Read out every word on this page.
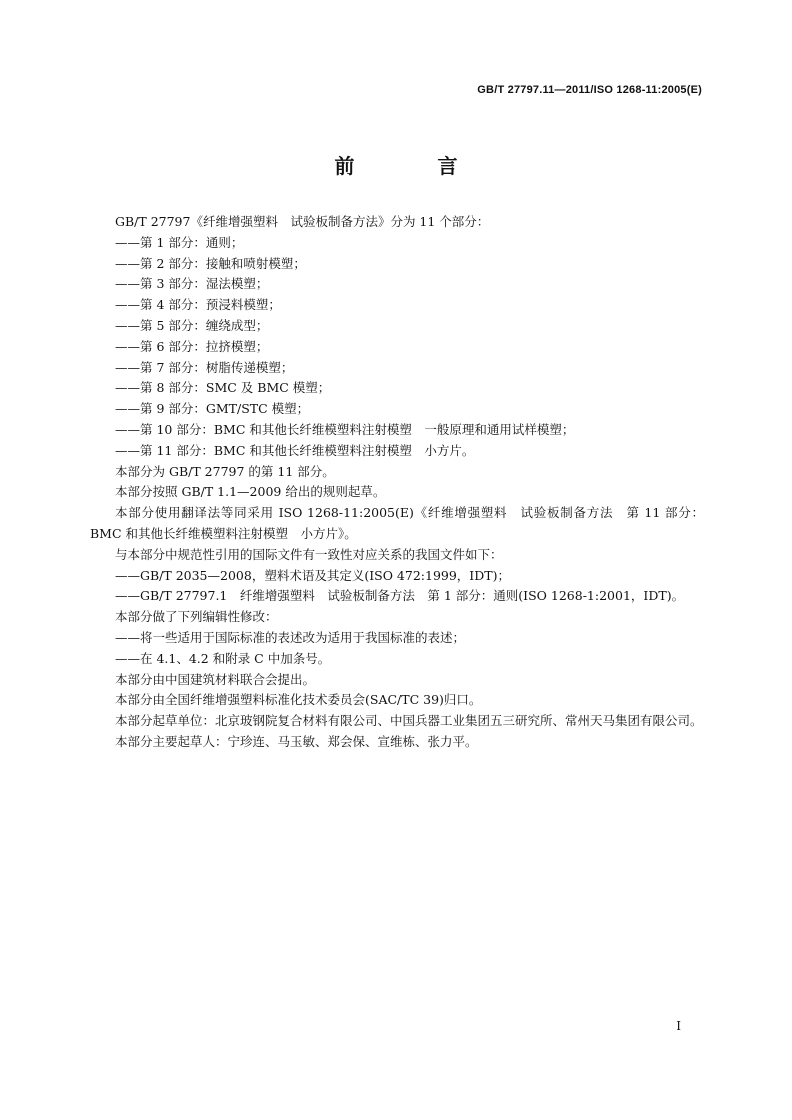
GB/T 27797.11—2011/ISO 1268-11:2005(E)
前 言

GB/T 27797《纤维增强塑料　试验板制备方法》分为 11 个部分：

——第 1 部分：通则；

——第 2 部分：接触和喷射模塑；

——第 3 部分：湿法模塑；

——第 4 部分：预浸料模塑；

——第 5 部分：缠绕成型；

——第 6 部分：拉挤模塑；

——第 7 部分：树脂传递模塑；

——第 8 部分：SMC 及 BMC 模塑；

——第 9 部分：GMT/STC 模塑；

——第 10 部分：BMC 和其他长纤维模塑料注射模塑　一般原理和通用试样模塑；

——第 11 部分：BMC 和其他长纤维模塑料注射模塑　小方片。

本部分为 GB/T 27797 的第 11 部分。

本部分按照 GB/T 1.1—2009 给出的规则起草。

本部分使用翻译法等同采用 ISO 1268-11:2005(E)《纤维增强塑料　试验板制备方法　第 11 部分：BMC 和其他长纤维模塑料注射模塑　小方片》。

与本部分中规范性引用的国际文件有一致性对应关系的我国文件如下：

——GB/T 2035—2008，塑料术语及其定义(ISO 472:1999，IDT)；

——GB/T 27797.1　纤维增强塑料　试验板制备方法　第 1 部分：通则(ISO 1268-1:2001，IDT)。

本部分做了下列编辑性修改：

——将一些适用于国际标准的表述改为适用于我国标准的表述；

——在 4.1、4.2 和附录 C 中加条号。

本部分由中国建筑材料联合会提出。

本部分由全国纤维增强塑料标准化技术委员会(SAC/TC 39)归口。

本部分起草单位：北京玻钢院复合材料有限公司、中国兵器工业集团五三研究所、常州天马集团有限公司。

本部分主要起草人：宁珍连、马玉敏、郑会保、宣维栋、张力平。

I
